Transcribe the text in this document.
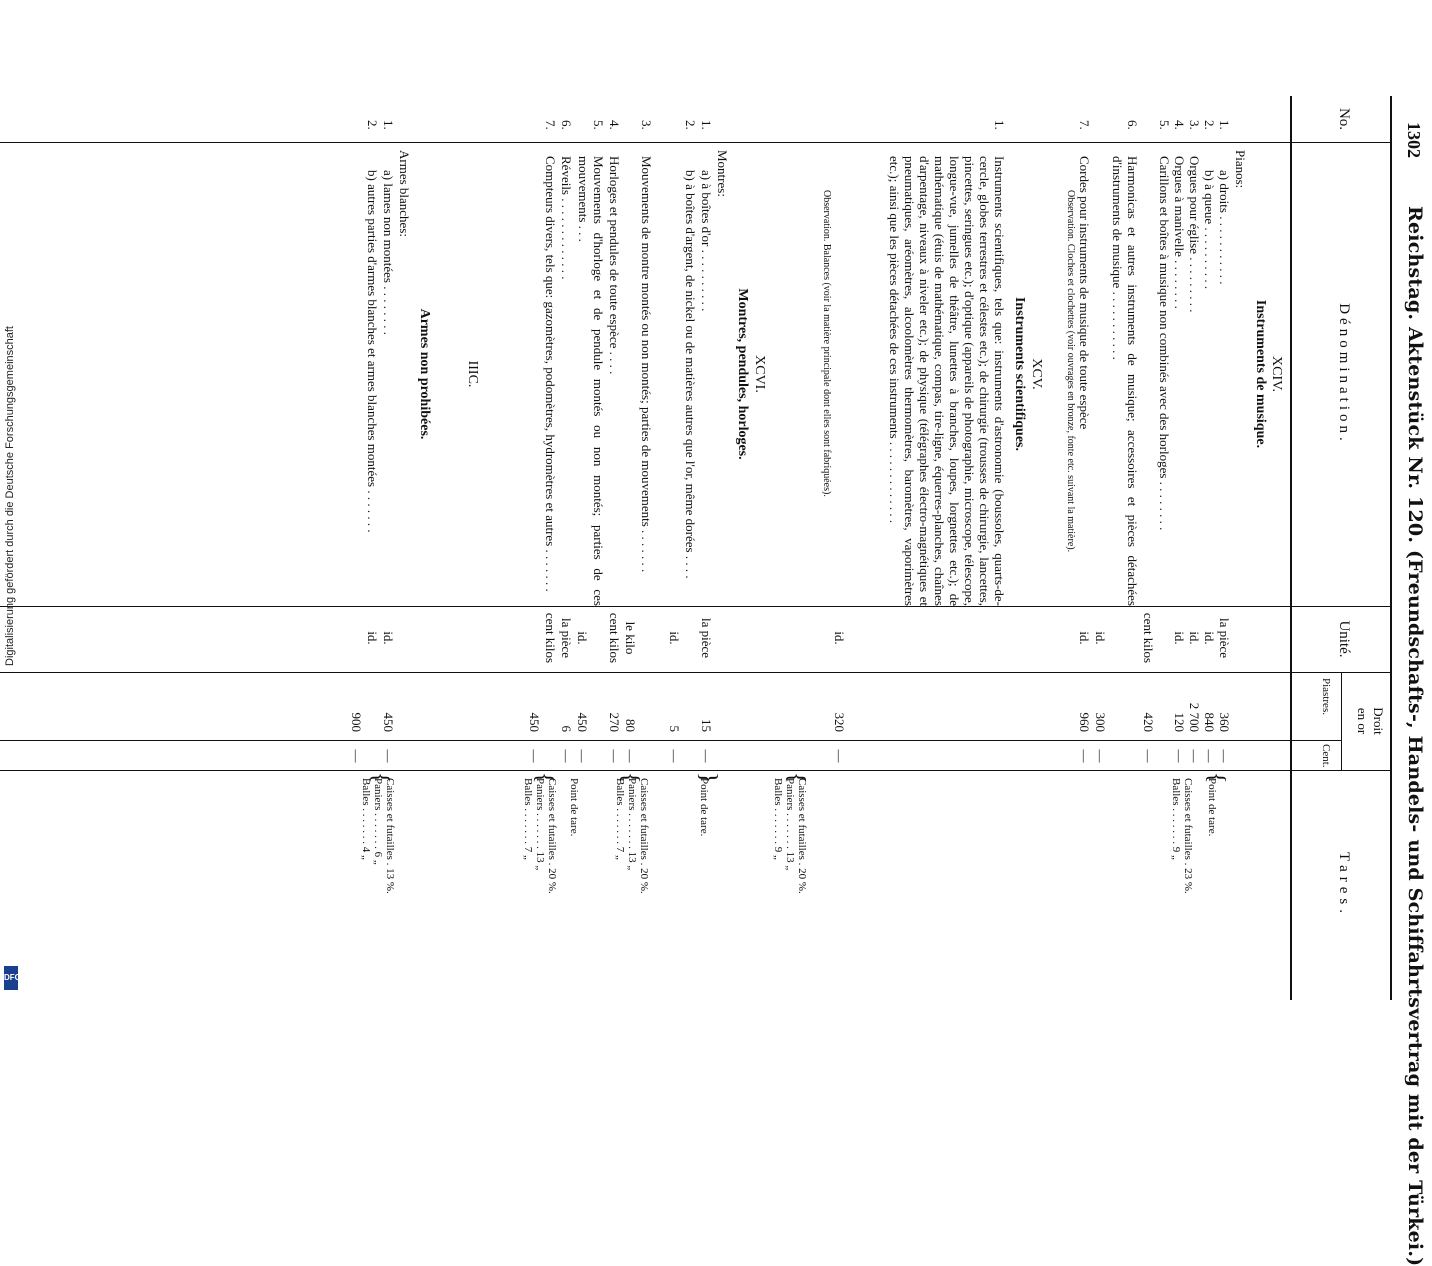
1302
Reichstag. Aktenstück Nr. 120. (Freundschafts-, Handels- und Schiffahrtsvertrag mit der Türkei.)
No.
Dénomination.
Unité.
Droit
en or
Piastres.
Cent.
Tares.
XCIV.
Instruments de musique.
Pianos:
1.
a) droits . . . . . . . . . . .
la pièce
360
—
2.
b) à queue . . . . . . . . . .
id.
840
—
3.
Orgues pour église . . . . . . . . .
id.
2 700
—
4.
Orgues à manivelle . . . . . . . .
id.
120
—
5.
Carillons et boîtes à musique non combinés avec des horloges . . . . . . . .
cent kilos
420
—
6.
Harmonicas et autres instruments de musique; accessoires et pièces détachées d'instruments de musique . . . . . . . . . . .
id.
300
—
7.
Cordes pour instruments de musique de toute espèce
id.
960
—
Observation. Cloches et clochettes (voir ouvrages en bronze, fonte etc. suivant la matière).
{
Point de tare.

Caisses et futailles . 23 %.
Balles . . . . . . . 9 „
XCV.
Instruments scientifiques.
1.
Instruments scientifiques, tels que: instruments d'astronomie (boussoles, quarts-de-cercle, globes terrestres et célestes etc.); de chirurgie (trousses de chirurgie, lancettes, pincettes, seringues etc.); d'optique (appareils de photographie, microscope, télescope, longue-vue, jumelles de théâtre, lunettes à branches, loupes, lorgnettes etc.); de mathématique (étuis de mathématique, compas, tire-ligne, équerres-planches, chaînes d'arpentage, niveaux à niveler etc.); de physique (télégraphes électro-magnétiques et pneumatiques, aréomètres, alcoolomètres thermomètres, baromètres, vaporimètres etc.); ainsi que les pièces détachées de ces instruments . . . . . . . . . . . . .
id.
320
—
Observation. Balances (voir la matière principale dont elles sont fabriquées).
{
Caisses et futailles . 20 %.
Paniers . . . . . . . 13 „
Balles . . . . . . . 9 „
XCVI.
Montres, pendules, horloges.
Montres:
1.
a) à boîtes d'or . . . . . . . . . .
la pièce
15
—
2.
b) à boîtes d'argent, de nickel ou de matières autres que l'or, même dorées . . . .
id.
5
—
}
Point de tare.
3.
Mouvements de montre montés ou non montés; parties de mouvements . . . . . . .
le kilo
80
—
4.
Horloges et pendules de toute espèce . . . .
cent kilos
270
—
{
Caisses et futailles . 20 %.
Paniers . . . . . . . 13 „
Balles . . . . . . . 7 „
5.
Mouvements d'horloge et de pendule montés ou non montés; parties de ces mouvements . . .
id.
450
—
6.
Réveils . . . . . . . . . . . . .
la pièce
6
—
Point de tare.
7.
Compteurs divers, tels que: gazomètres, podomètres, hydromètres et autres . . . . . . .
cent kilos
450
—
{
Caisses et futailles . 20 %.
Paniers . . . . . . . 13 „
Balles . . . . . . . 7 „
IIIC.
Armes non prohibées.
Armes blanches:
1.
a) lames non montées . . . . . . . .
id.
450
—
2.
b) autres parties d'armes blanches et armes blanches montées . . . . . . .
id.
900
—
{
Caisses et futailles . 13 %.
Paniers . . . . . . . 6 „
Balles . . . . . . . 4 „
Digitalisierung gefördert durch die Deutsche Forschungsgemeinschaft
DFG
